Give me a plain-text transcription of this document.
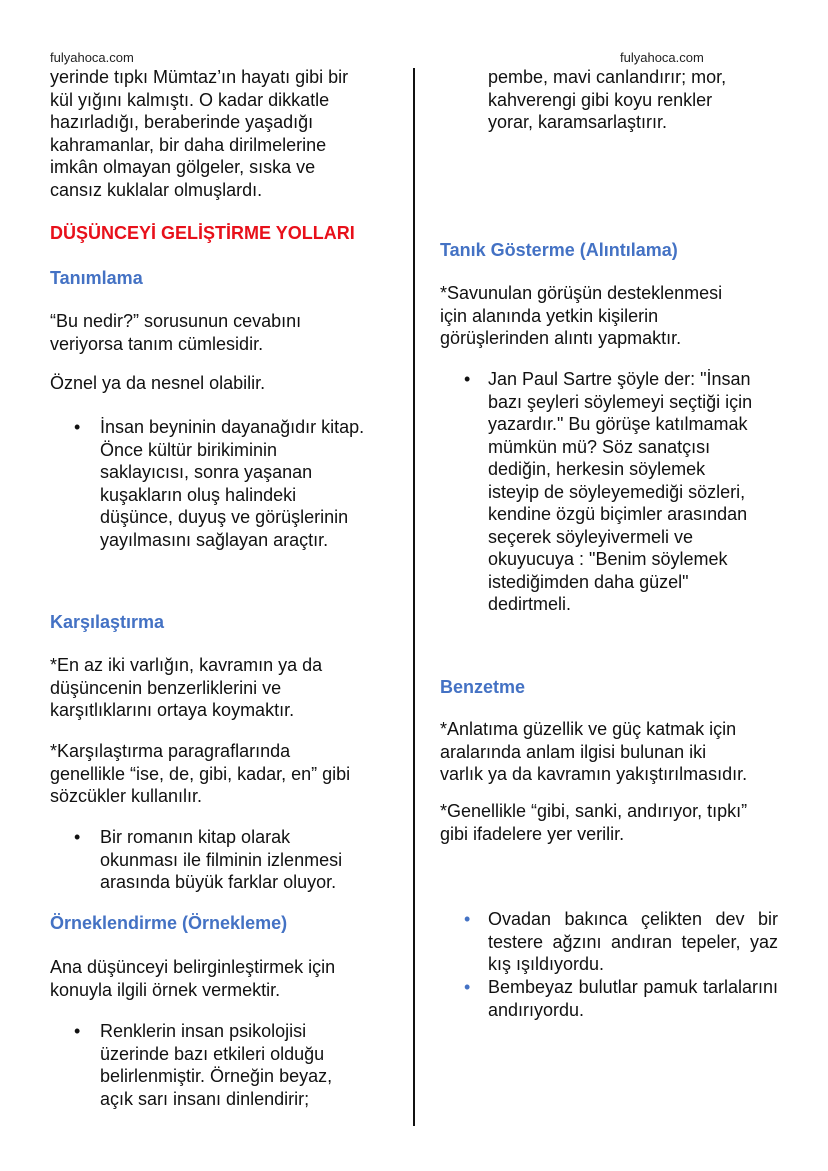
fulyahoca.com	fulyahoca.com
yerinde tıpkı Mümtaz’ın hayatı gibi bir
kül yığını kalmıştı. O kadar dikkatle
hazırladığı, beraberinde yaşadığı
kahramanlar, bir daha dirilmelerine
imkân olmayan gölgeler, sıska ve
cansız kuklalar olmuşlardı.
DÜŞÜNCEYİ GELİŞTİRME YOLLARI
Tanımlama
“Bu nedir?” sorusunun cevabını
veriyorsa tanım cümlesidir.
Öznel ya da nesnel olabilir.
• İnsan beyninin dayanağıdır kitap.
Önce kültür birikiminin
saklayıcısı, sonra yaşanan
kuşakların oluş halindeki
düşünce, duyuş ve görüşlerinin
yayılmasını sağlayan araçtır.
Karşılaştırma
*En az iki varlığın, kavramın ya da
düşüncenin benzerliklerini ve
karşıtlıklarını ortaya koymaktır.
*Karşılaştırma paragraflarında
genellikle “ise, de, gibi, kadar, en” gibi
sözcükler kullanılır.
• Bir romanın kitap olarak
okunması ile filminin izlenmesi
arasında büyük farklar oluyor.
Örneklendirme (Örnekleme)
Ana düşünceyi belirginleştirmek için
konuyla ilgili örnek vermektir.
• Renklerin insan psikolojisi
üzerinde bazı etkileri olduğu
belirlenmiştir. Örneğin beyaz,
açık sarı insanı dinlendirir;
pembe, mavi canlandırır; mor,
kahverengi gibi koyu renkler
yorar, karamsarlaştırır.
Tanık Gösterme (Alıntılama)
*Savunulan görüşün desteklenmesi
için alanında yetkin kişilerin
görüşlerinden alıntı yapmaktır.
• Jan Paul Sartre şöyle der: "İnsan
bazı şeyleri söylemeyi seçtiği için
yazardır." Bu görüşe katılmamak
mümkün mü? Söz sanatçısı
dediğin, herkesin söylemek
isteyip de söyleyemediği sözleri,
kendine özgü biçimler arasından
seçerek söyleyivermeli ve
okuyucuya : "Benim söylemek
istediğimden daha güzel"
dedirtmeli.
Benzetme
*Anlatıma güzellik ve güç katmak için
aralarında anlam ilgisi bulunan iki
varlık ya da kavramın yakıştırılmasıdır.
*Genellikle “gibi, sanki, andırıyor, tıpkı”
gibi ifadelere yer verilir.
• Ovadan bakınca çelikten dev bir testere ağzını andıran tepeler, yaz kış ışıldıyordu.
• Bembeyaz bulutlar pamuk tarlalarını andırıyordu.
